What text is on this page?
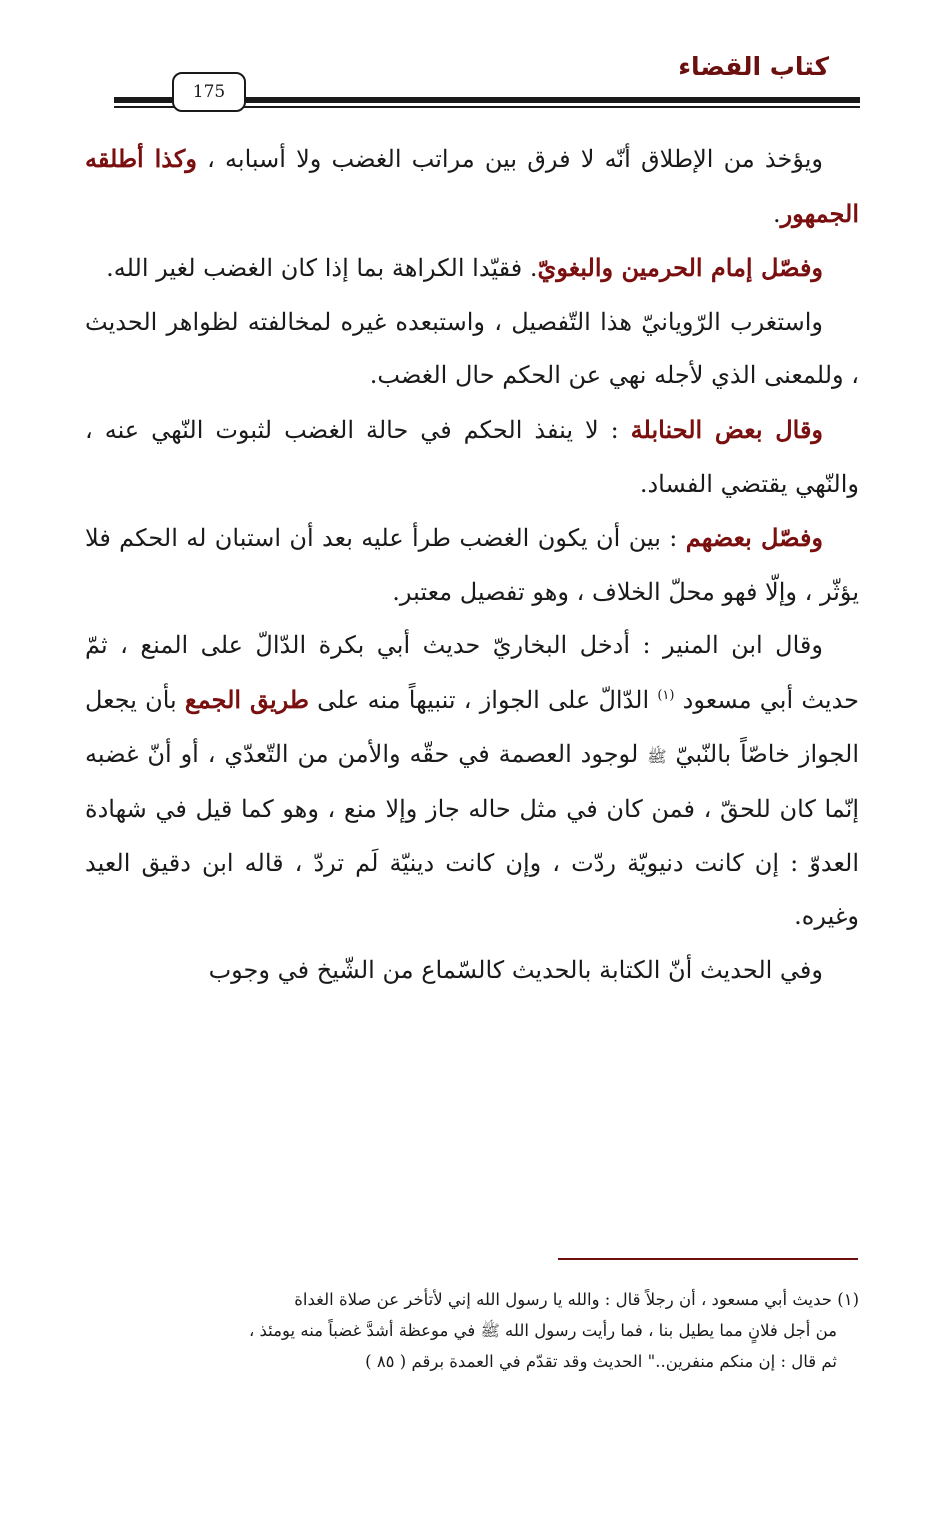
كتاب القضاء
175

ويؤخذ من الإطلاق أنّه لا فرق بين مراتب الغضب ولا أسبابه ، وكذا أطلقه الجمهور.

وفصّل إمام الحرمين والبغويّ. فقيّدا الكراهة بما إذا كان الغضب لغير الله.

واستغرب الرّويانيّ هذا التّفصيل ، واستبعده غيره لمخالفته لظواهر الحديث ، وللمعنى الذي لأجله نهي عن الحكم حال الغضب.

وقال بعض الحنابلة : لا ينفذ الحكم في حالة الغضب لثبوت النّهي عنه ، والنّهي يقتضي الفساد.

وفصّل بعضهم : بين أن يكون الغضب طرأ عليه بعد أن استبان له الحكم فلا يؤثّر ، وإلّا فهو محلّ الخلاف ، وهو تفصيل معتبر.

وقال ابن المنير : أدخل البخاريّ حديث أبي بكرة الدّالّ على المنع ، ثمّ حديث أبي مسعود $^{(١)}$ الدّالّ على الجواز ، تنبيهاً منه على طريق الجمع بأن يجعل الجواز خاصّاً بالنّبيّ ﷺ لوجود العصمة في حقّه والأمن من التّعدّي ، أو أنّ غضبه إنّما كان للحقّ ، فمن كان في مثل حاله جاز وإلا منع ، وهو كما قيل في شهادة العدوّ : إن كانت دنيويّة ردّت ، وإن كانت دينيّة لَم تردّ ، قاله ابن دقيق العيد وغيره.

وفي الحديث أنّ الكتابة بالحديث كالسّماع من الشّيخ في وجوب

(١) حديث أبي مسعود ، أن رجلاً قال : والله يا رسول الله إني لأتأخر عن صلاة الغداة

من أجل فلانٍ مما يطيل بنا ، فما رأيت رسول الله ﷺ في موعظة أشدَّ غضباً منه يومئذ ،

ثم قال : إن منكم منفرين.." الحديث وقد تقدّم في العمدة برقم ( ٨٥ )
